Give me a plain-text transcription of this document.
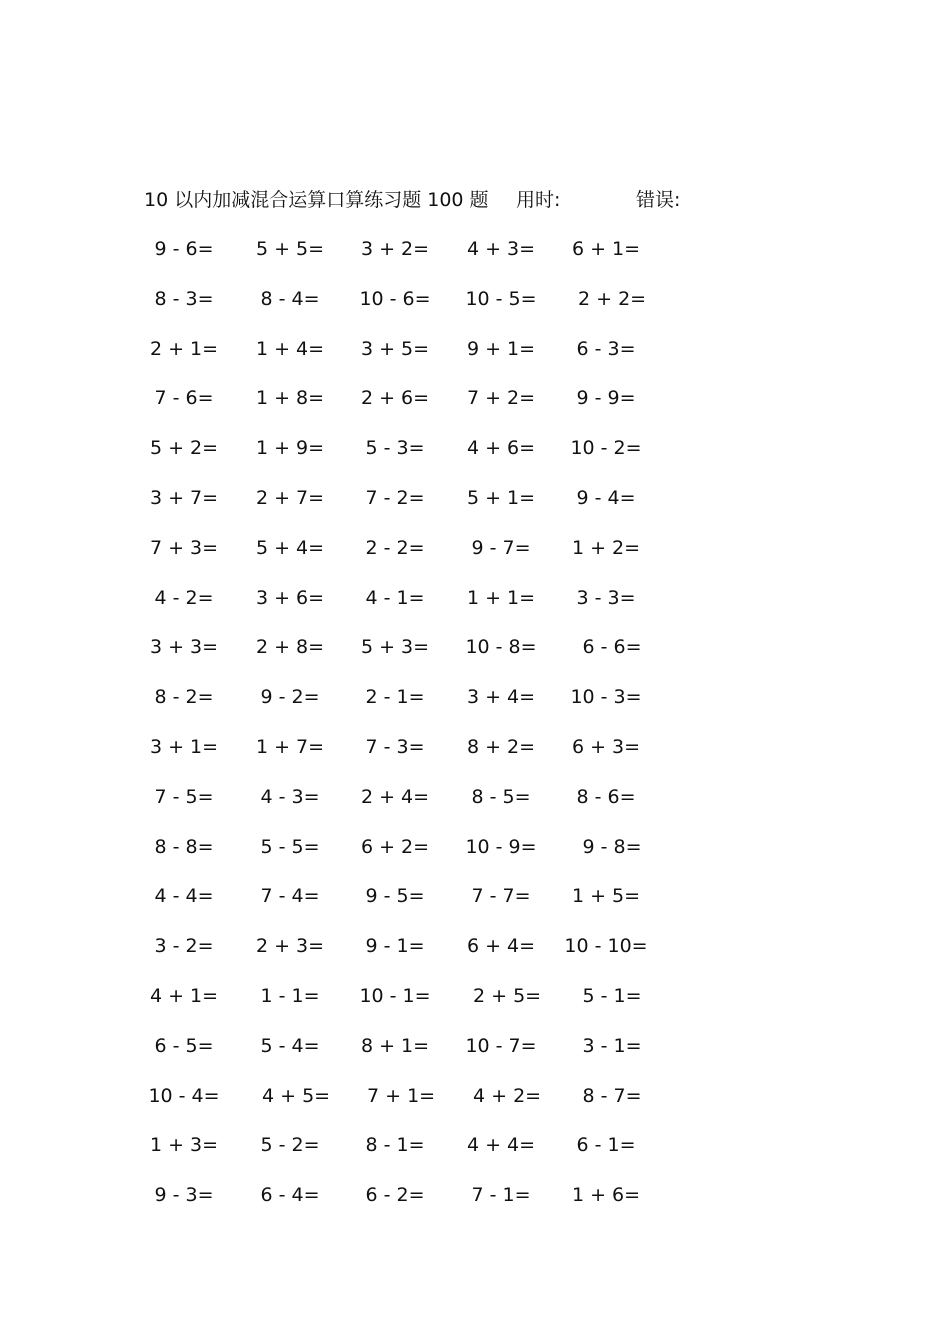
10 以内加减混合运算口算练习题 100 题 用时:	错误:
9 - 6=	5 + 5=	3 + 2=	4 + 3=	6 + 1=
8 - 3=	8 - 4=	10 - 6=	10 - 5=	2 + 2=
2 + 1=	1 + 4=	3 + 5=	9 + 1=	6 - 3=
7 - 6=	1 + 8=	2 + 6=	7 + 2=	9 - 9=
5 + 2=	1 + 9=	5 - 3=	4 + 6=	10 - 2=
3 + 7=	2 + 7=	7 - 2=	5 + 1=	9 - 4=
7 + 3=	5 + 4=	2 - 2=	9 - 7=	1 + 2=
4 - 2=	3 + 6=	4 - 1=	1 + 1=	3 - 3=
3 + 3=	2 + 8=	5 + 3=	10 - 8=	6 - 6=
8 - 2=	9 - 2=	2 - 1=	3 + 4=	10 - 3=
3 + 1=	1 + 7=	7 - 3=	8 + 2=	6 + 3=
7 - 5=	4 - 3=	2 + 4=	8 - 5=	8 - 6=
8 - 8=	5 - 5=	6 + 2=	10 - 9=	9 - 8=
4 - 4=	7 - 4=	9 - 5=	7 - 7=	1 + 5=
3 - 2=	2 + 3=	9 - 1=	6 + 4=	10 - 10=
4 + 1=	1 - 1=	10 - 1=	2 + 5=	5 - 1=
6 - 5=	5 - 4=	8 + 1=	10 - 7=	3 - 1=
10 - 4=	4 + 5=	7 + 1=	4 + 2=	8 - 7=
1 + 3=	5 - 2=	8 - 1=	4 + 4=	6 - 1=
9 - 3=	6 - 4=	6 - 2=	7 - 1=	1 + 6=
